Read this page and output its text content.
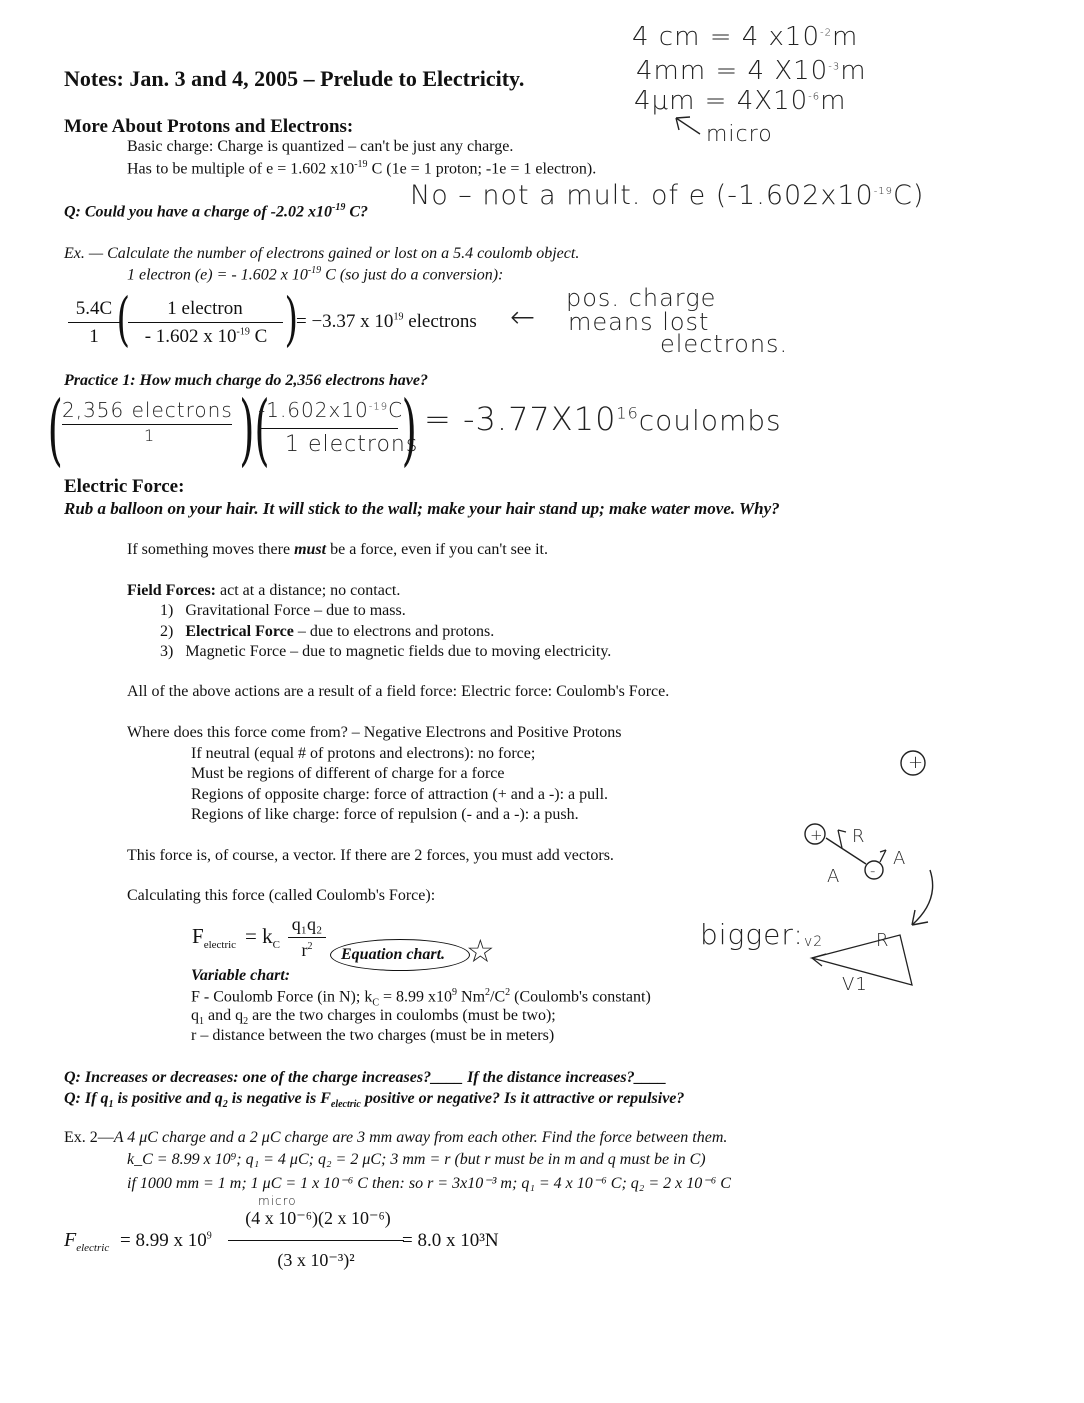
4 cm = 4 $x10^{-2}m$
4mm = 4 $X10^{-3}m$
$4\mu m = 4X10^{-6}m$
micro
Notes: Jan. 3 and 4, 2005 – Prelude to Electricity.
More About Protons and Electrons:
Basic charge: Charge is quantized – can't be just any charge.
Has to be multiple of e = 1.602 $x10^{-19}$ C (1e = 1 proton; -1e = 1 electron).
Q: Could you have a charge of -2.02 $x10^{-19}$ C?
No – not a mult. of e $(-1.602x10^{-19}C)$
Ex. — Calculate the number of electrons gained or lost on a 5.4 coulomb object.
1 electron (e) = - 1.602 x $10^{-19}$ C (so just do a conversion):
5.4C
1 (	1 electron
- 1.602 x $10^{-19}$ C )
= −3.37 x $10^{19}$ electrons ←
pos. charge
means lost
electrons.
Practice 1: How much charge do 2,356 electrons have?
( 2,356 electrons
1 )(
$-1.602x10^{-19}C$
1 electrons
) = $-3.77X10^{16}coulombs$
Electric Force:
Rub a balloon on your hair. It will stick to the wall; make your hair stand up; make water move. Why?
If something moves there must be a force, even if you can't see it.
Field Forces: act at a distance; no contact.
1) Gravitational Force – due to mass.
2) Electrical Force – due to electrons and protons.
3) Magnetic Force – due to magnetic fields due to moving electricity.
All of the above actions are a result of a field force: Electric force: Coulomb's Force.
Where does this force come from? – Negative Electrons and Positive Protons
If neutral (equal # of protons and electrons): no force;
Must be regions of different of charge for a force
Regions of opposite charge: force of attraction (+ and a -): a pull.
Regions of like charge: force of repulsion (- and a -): a push.
This force is, of course, a vector. If there are 2 forces, you must add vectors.
Calculating this force (called Coulomb's Force):
$F_{electric} = k_C$
q₁q₂
$r^2$	Equation chart. ☆
Variable chart:
F - Coulomb Force (in N); $k_C = 8.99$ $x10^9$ $Nm^2/C^2$ (Coulomb's constant)
$q_1$ and $q_2$ are the two charges in coulombs (must be two);
r – distance between the two charges (must be in meters)
bigger:
+
+
-
R
A
A
v2	R
V1
Q: Increases or decreases: one of the charge increases?____ If the distance increases?____
Q: If $q_1$ is positive and $q_2$ is negative is $F_{electric}$ positive or negative? Is it attractive or repulsive?
Ex. 2—A 4 μC charge and a 2 μC charge are 3 mm away from each other. Find the force between them.
k_C = 8.99 x 10⁹; q₁ = 4 μC; q₂ = 2 μC; 3 mm = r (but r must be in m and q must be in C)
if 1000 mm = 1 m; 1 μC = 1 x 10⁻⁶ C then: so r = 3x10⁻³ m; q₁ = 4 x 10⁻⁶ C; q₂ = 2 x 10⁻⁶ C
micro
$F_{electric} = 8.99$ x $10^9$
(4 x 10⁻⁶)(2 x 10⁻⁶)
(3 x 10⁻³)²
= 8.0 x 10³N
